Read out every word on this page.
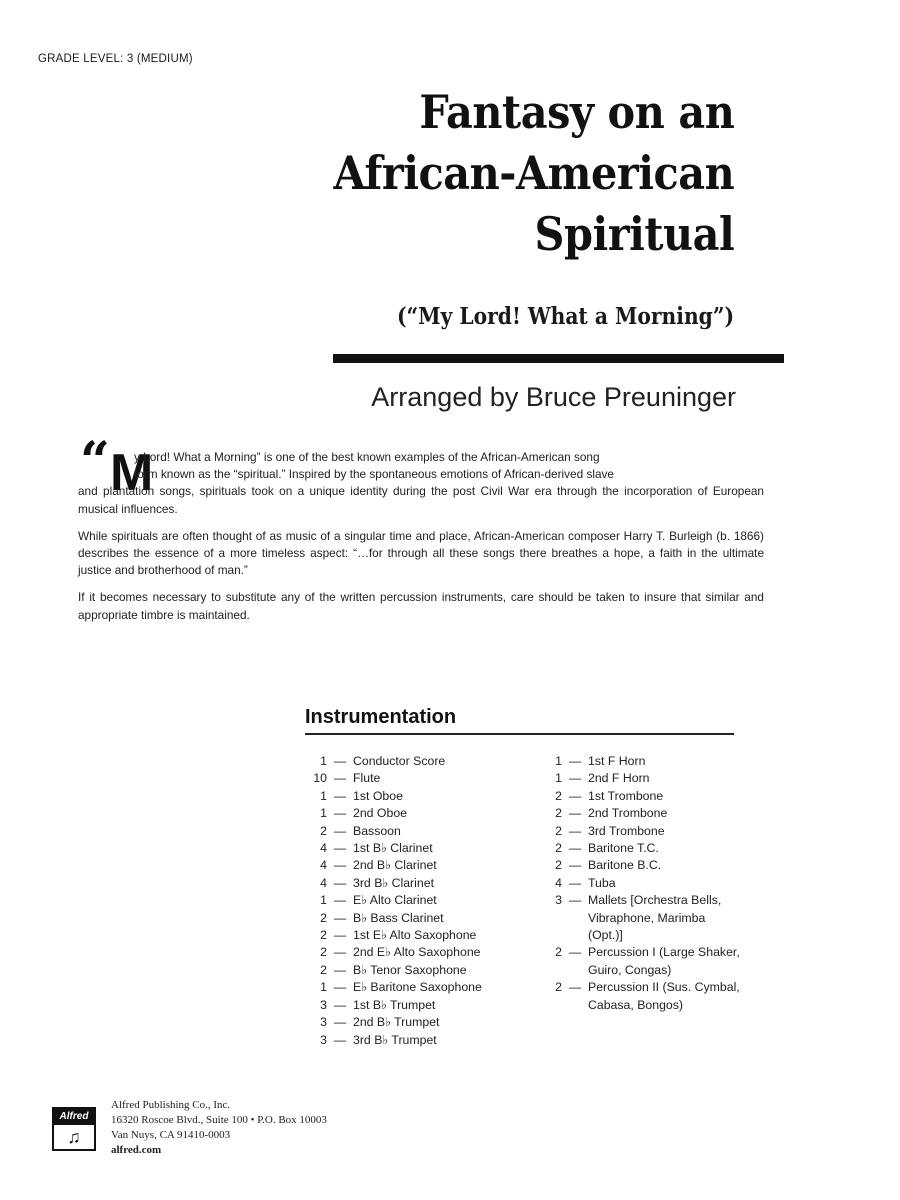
GRADE LEVEL: 3 (MEDIUM)
Fantasy on an
African-American
Spiritual
(“My Lord! What a Morning”)
Arranged by Bruce Preuninger
“ M

y Lord! What a Morning” is one of the best known examples of the African-American song
form known as the “spiritual.” Inspired by the spontaneous emotions of African-derived slave
and plantation songs, spirituals took on a unique identity during the post Civil War era through the incorporation of European musical influences.

While spirituals are often thought of as music of a singular time and place, African-American composer Harry T. Burleigh (b. 1866) describes the essence of a more timeless aspect: “…for through all these songs there breathes a hope, a faith in the ultimate justice and brotherhood of man.”

If it becomes necessary to substitute any of the written percussion instruments, care should be taken to insure that similar and appropriate timbre is maintained.

Instrumentation
1 — Conductor Score
10 — Flute
1 — 1st Oboe
1 — 2nd Oboe
2 — Bassoon
4 — 1st B♭ Clarinet
4 — 2nd B♭ Clarinet
4 — 3rd B♭ Clarinet
1 — E♭ Alto Clarinet
2 — B♭ Bass Clarinet
2 — 1st E♭ Alto Saxophone
2 — 2nd E♭ Alto Saxophone
2 — B♭ Tenor Saxophone
1 — E♭ Baritone Saxophone
3 — 1st B♭ Trumpet
3 — 2nd B♭ Trumpet
3 — 3rd B♭ Trumpet
1 — 1st F Horn
1 — 2nd F Horn
2 — 1st Trombone
2 — 2nd Trombone
2 — 3rd Trombone
2 — Baritone T.C.
2 — Baritone B.C.
4 — Tuba
3 — Mallets [Orchestra Bells,
Vibraphone, Marimba
(Opt.)]
2 — Percussion I (Large Shaker,
Guiro, Congas)
2 — Percussion II (Sus. Cymbal,
Cabasa, Bongos)
Alfred
♫
Alfred Publishing Co., Inc.
16320 Roscoe Blvd., Suite 100 • P.O. Box 10003
Van Nuys, CA 91410-0003
alfred.com
